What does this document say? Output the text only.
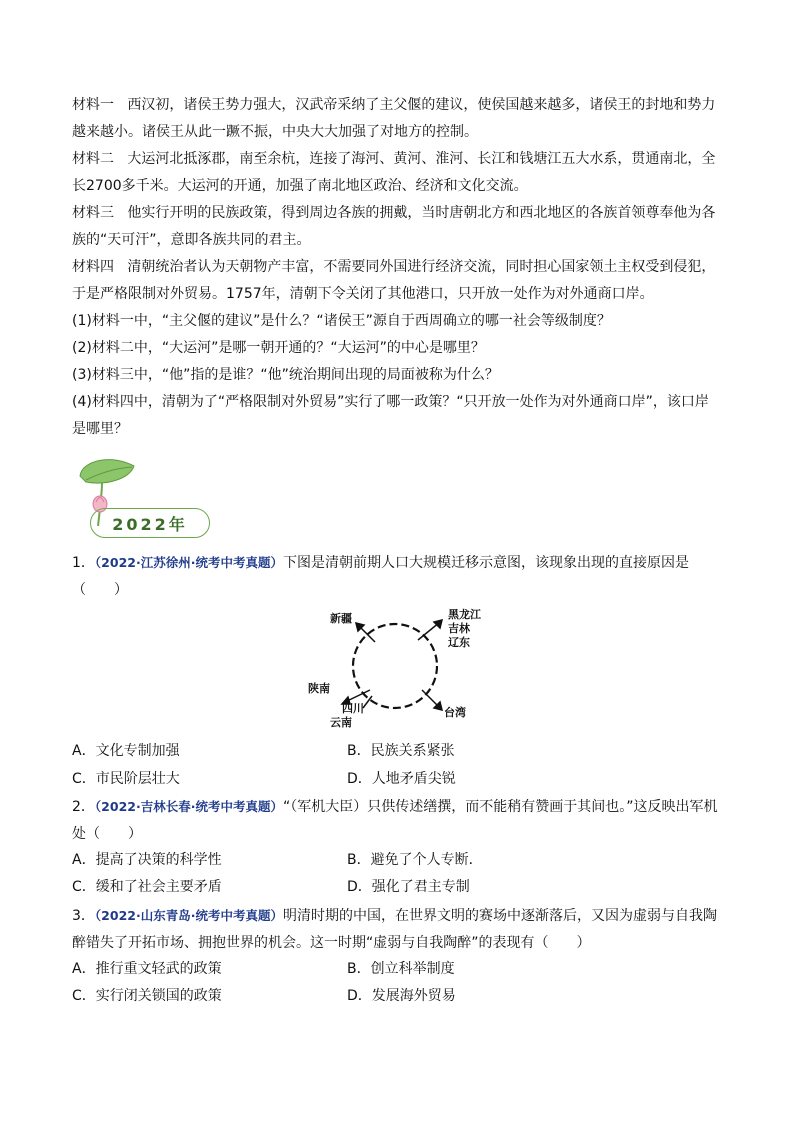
材料一 西汉初，诸侯王势力强大，汉武帝采纳了主父偃的建议，使侯国越来越多，诸侯王的封地和势力越来越小。诸侯王从此一蹶不振，中央大大加强了对地方的控制。

材料二 大运河北抵涿郡，南至余杭，连接了海河、黄河、淮河、长江和钱塘江五大水系，贯通南北，全长2700多千米。大运河的开通，加强了南北地区政治、经济和文化交流。

材料三 他实行开明的民族政策，得到周边各族的拥戴，当时唐朝北方和西北地区的各族首领尊奉他为各族的“天可汗”，意即各族共同的君主。

材料四 清朝统治者认为天朝物产丰富，不需要同外国进行经济交流，同时担心国家领土主权受到侵犯，于是严格限制对外贸易。1757年，清朝下令关闭了其他港口，只开放一处作为对外通商口岸。

(1)材料一中，“主父偃的建议”是什么？“诸侯王”源自于西周确立的哪一社会等级制度？

(2)材料二中，“大运河”是哪一朝开通的？“大运河”的中心是哪里？

(3)材料三中，“他”指的是谁？“他”统治期间出现的局面被称为什么？

(4)材料四中，清朝为了“严格限制对外贸易”实行了哪一政策？“只开放一处作为对外通商口岸”，该口岸是哪里？

2022年

1．（2022·江苏徐州·统考中考真题）下图是清朝前期人口大规模迁移示意图，该现象出现的直接原因是（　　）

新疆	黑龙江
吉林
辽东
陕南
四川
云南
台湾
A．文化专制加强	B．民族关系紧张
C．市民阶层壮大	D．人地矛盾尖锐

2．（2022·吉林长春·统考中考真题）“（军机大臣）只供传述缮撰，而不能稍有赞画于其间也。”这反映出军机处（　　）

A．提高了决策的科学性	B．避免了个人专断．
C．缓和了社会主要矛盾	D．强化了君主专制

3．（2022·山东青岛·统考中考真题）明清时期的中国，在世界文明的赛场中逐渐落后，又因为虚弱与自我陶醉错失了开拓市场、拥抱世界的机会。这一时期“虚弱与自我陶醉”的表现有（　　）

A．推行重文轻武的政策	B．创立科举制度
C．实行闭关锁国的政策	D．发展海外贸易
